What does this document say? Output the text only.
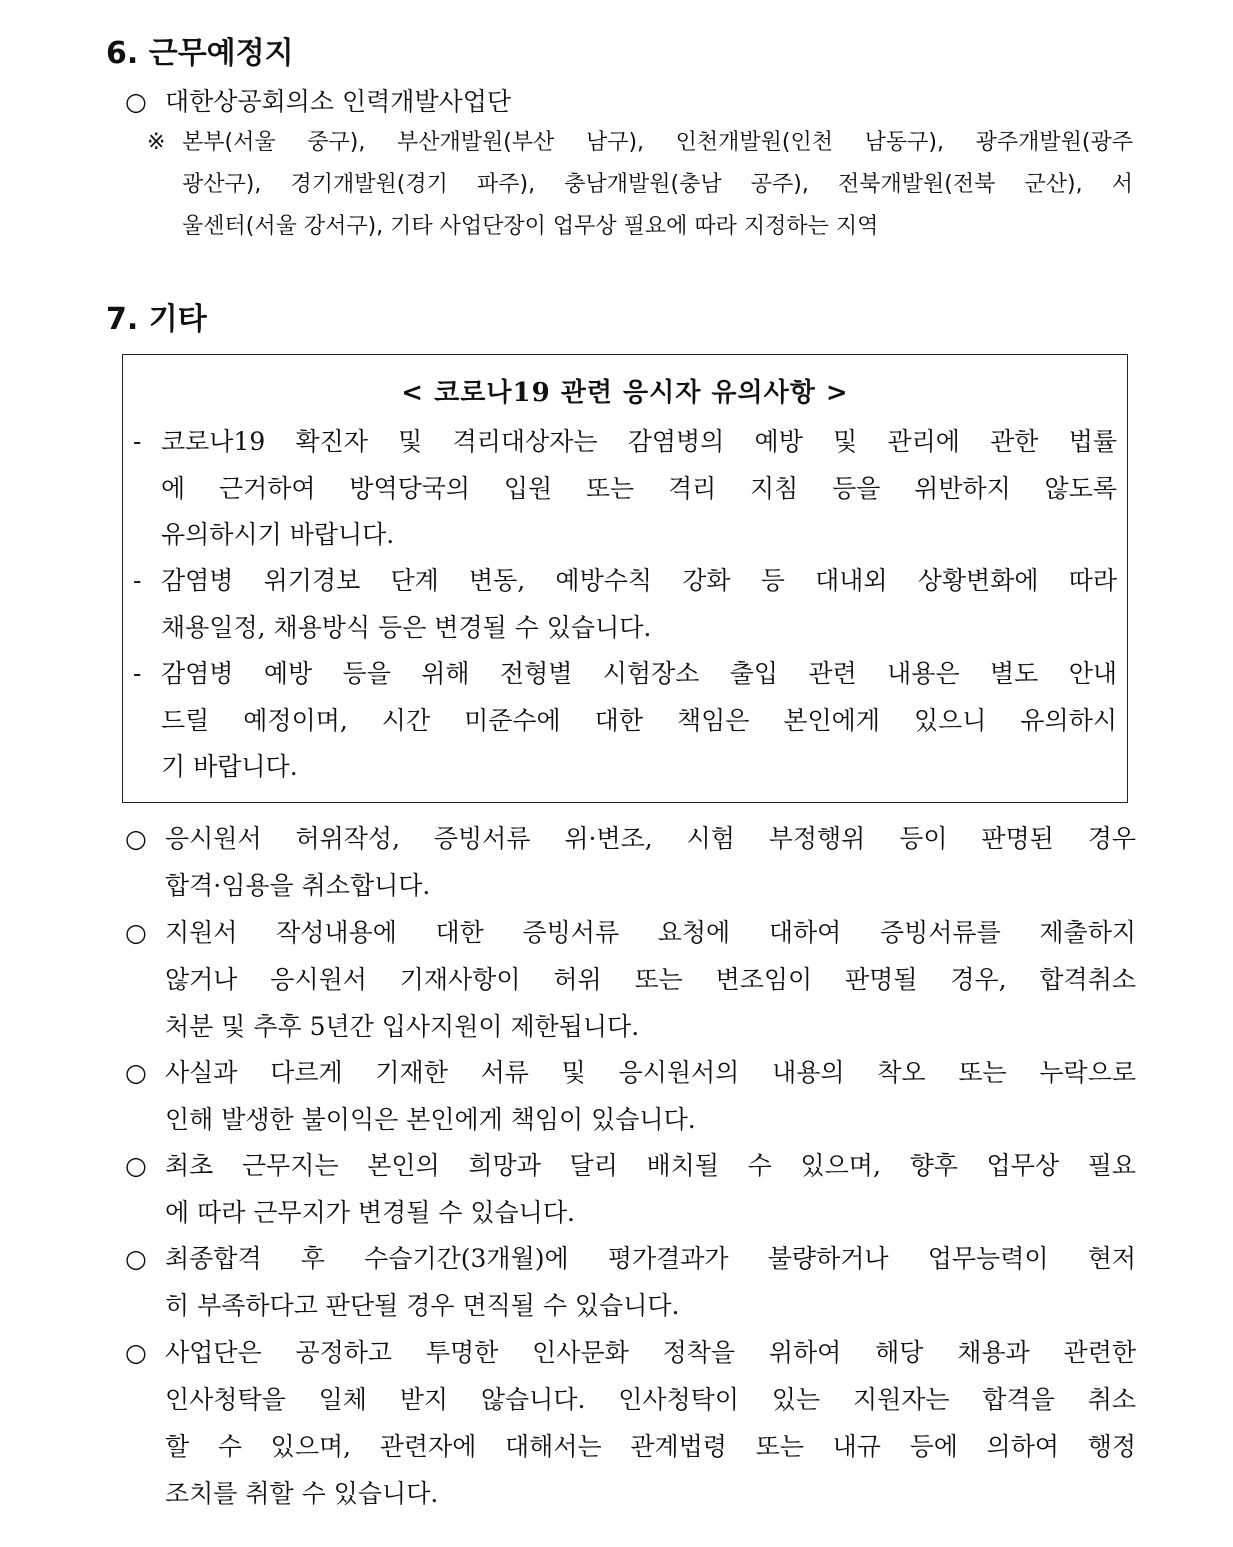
6. 근무예정지
○ 대한상공회의소 인력개발사업단
※ 본부(서울 중구), 부산개발원(부산 남구), 인천개발원(인천 남동구), 광주개발원(광주
광산구), 경기개발원(경기 파주), 충남개발원(충남 공주), 전북개발원(전북 군산), 서
울센터(서울 강서구), 기타 사업단장이 업무상 필요에 따라 지정하는 지역
7. 기타
< 코로나19 관련 응시자 유의사항 >
- 코로나19 확진자 및 격리대상자는 감염병의 예방 및 관리에 관한 법률
에 근거하여 방역당국의 입원 또는 격리 지침 등을 위반하지 않도록
유의하시기 바랍니다.
- 감염병 위기경보 단계 변동, 예방수칙 강화 등 대내외 상황변화에 따라
채용일정, 채용방식 등은 변경될 수 있습니다.
- 감염병 예방 등을 위해 전형별 시험장소 출입 관련 내용은 별도 안내
드릴 예정이며, 시간 미준수에 대한 책임은 본인에게 있으니 유의하시
기 바랍니다.
○ 응시원서 허위작성, 증빙서류 위·변조, 시험 부정행위 등이 판명된 경우
합격·임용을 취소합니다.
○ 지원서 작성내용에 대한 증빙서류 요청에 대하여 증빙서류를 제출하지
않거나 응시원서 기재사항이 허위 또는 변조임이 판명될 경우, 합격취소
처분 및 추후 5년간 입사지원이 제한됩니다.
○ 사실과 다르게 기재한 서류 및 응시원서의 내용의 착오 또는 누락으로
인해 발생한 불이익은 본인에게 책임이 있습니다.
○ 최초 근무지는 본인의 희망과 달리 배치될 수 있으며, 향후 업무상 필요
에 따라 근무지가 변경될 수 있습니다.
○ 최종합격 후 수습기간(3개월)에 평가결과가 불량하거나 업무능력이 현저
히 부족하다고 판단될 경우 면직될 수 있습니다.
○ 사업단은 공정하고 투명한 인사문화 정착을 위하여 해당 채용과 관련한
인사청탁을 일체 받지 않습니다. 인사청탁이 있는 지원자는 합격을 취소
할 수 있으며, 관련자에 대해서는 관계법령 또는 내규 등에 의하여 행정
조치를 취할 수 있습니다.
